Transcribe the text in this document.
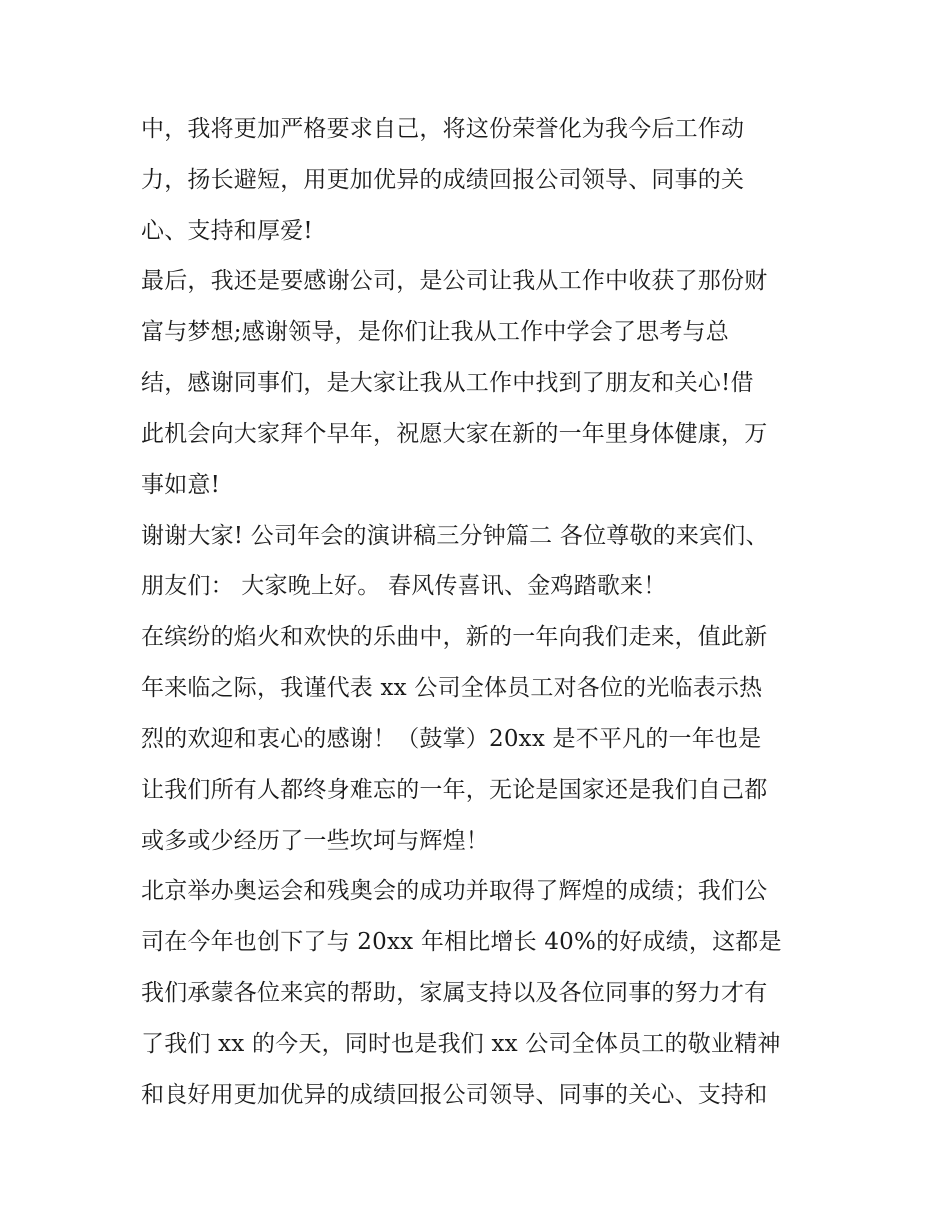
中，我将更加严格要求自己，将这份荣誉化为我今后工作动
力，扬长避短，用更加优异的成绩回报公司领导、同事的关
心、支持和厚爱!
最后，我还是要感谢公司，是公司让我从工作中收获了那份财
富与梦想;感谢领导，是你们让我从工作中学会了思考与总
结，感谢同事们，是大家让我从工作中找到了朋友和关心!借
此机会向大家拜个早年，祝愿大家在新的一年里身体健康，万
事如意!
谢谢大家! 公司年会的演讲稿三分钟篇二 各位尊敬的来宾们、
朋友们： 大家晚上好。 春风传喜讯、金鸡踏歌来！
在缤纷的焰火和欢快的乐曲中，新的一年向我们走来，值此新
年来临之际，我谨代表 xx 公司全体员工对各位的光临表示热
烈的欢迎和衷心的感谢！（鼓掌）20xx 是不平凡的一年也是
让我们所有人都终身难忘的一年，无论是国家还是我们自己都
或多或少经历了一些坎坷与辉煌！
北京举办奥运会和残奥会的成功并取得了辉煌的成绩；我们公
司在今年也创下了与 20xx 年相比增长 40%的好成绩，这都是
我们承蒙各位来宾的帮助，家属支持以及各位同事的努力才有
了我们 xx 的今天，同时也是我们 xx 公司全体员工的敬业精神
和良好用更加优异的成绩回报公司领导、同事的关心、支持和
